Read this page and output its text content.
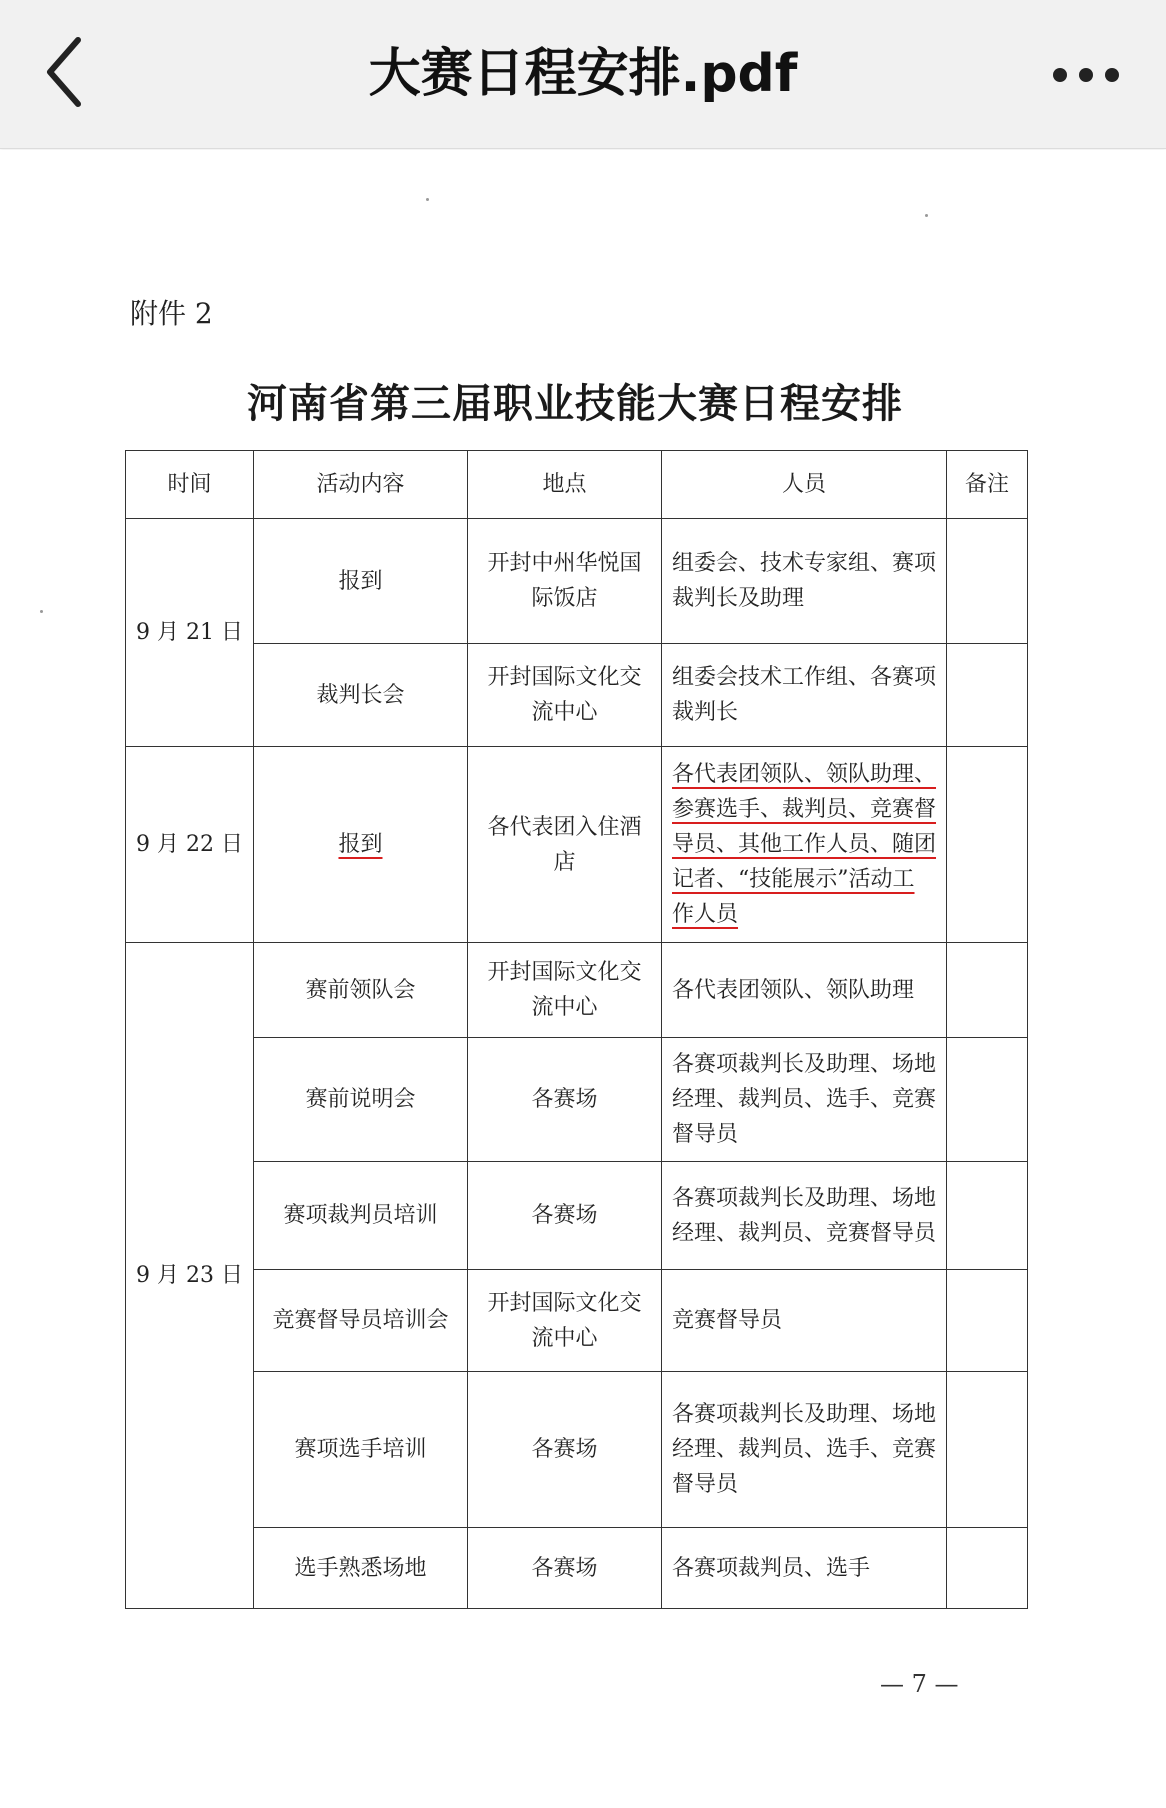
大赛日程安排.pdf
附件 2
河南省第三届职业技能大赛日程安排
时间	活动内容	地点	人员	备注
9 月 21 日	报到	开封中州华悦国际饭店	组委会、技术专家组、赛项裁判长及助理	
	裁判长会	开封国际文化交流中心	组委会技术工作组、各赛项裁判长	
9 月 22 日	报到	各代表团入住酒店	各代表团领队、领队助理、参赛选手、裁判员、竞赛督导员、其他工作人员、随团记者、“技能展示”活动工作人员	
9 月 23 日	赛前领队会	开封国际文化交流中心	各代表团领队、领队助理	
	赛前说明会	各赛场	各赛项裁判长及助理、场地经理、裁判员、选手、竞赛督导员	
	赛项裁判员培训	各赛场	各赛项裁判长及助理、场地经理、裁判员、竞赛督导员	
	竞赛督导员培训会	开封国际文化交流中心	竞赛督导员	
	赛项选手培训	各赛场	各赛项裁判长及助理、场地经理、裁判员、选手、竞赛督导员	
	选手熟悉场地	各赛场	各赛项裁判员、选手	
— 7 —
